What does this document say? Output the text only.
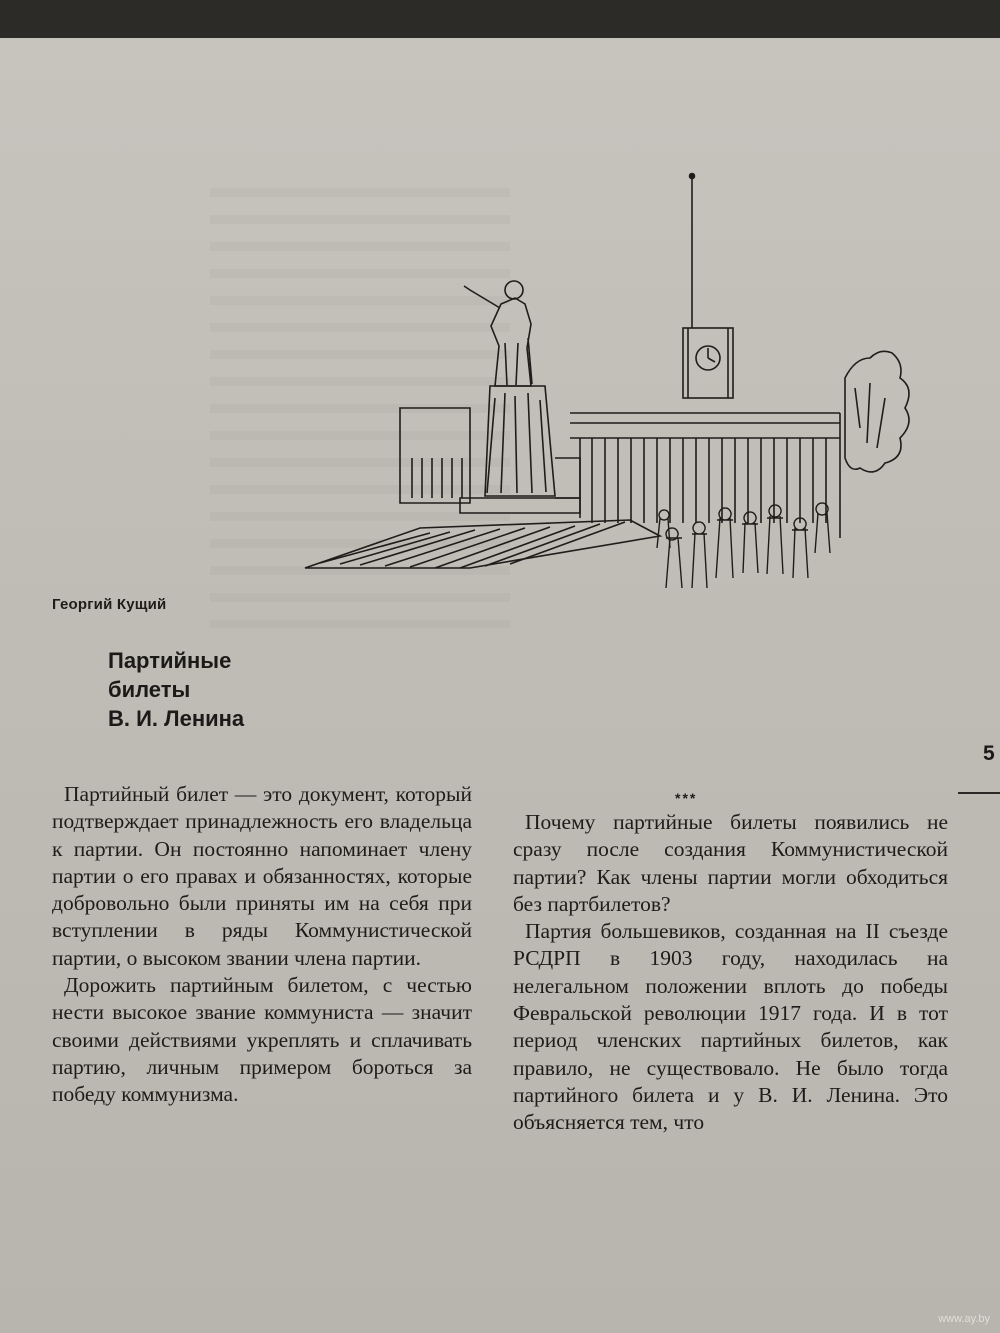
Георгий Кущий
Партийные
билеты
В. И. Ленина

Партийный билет — это документ, который подтверждает принадлежность его владельца к партии. Он постоянно напоминает члену партии о его правах и обязанностях, которые добровольно были приняты им на себя при вступлении в ряды Коммунистической партии, о высоком звании члена партии.

Дорожить партийным билетом, с честью нести высокое звание коммуниста — значит своими действиями укреплять и сплачивать партию, личным примером бороться за победу коммунизма.

***

Почему партийные билеты появились не сразу после создания Коммунистической партии? Как члены партии могли обходиться без партбилетов?

Партия большевиков, созданная на II съезде РСДРП в 1903 году, находилась на нелегальном положении вплоть до победы Февральской революции 1917 года. И в тот период членских партийных билетов, как правило, не существовало. Не было тогда партийного билета и у В. И. Ленина. Это объясняется тем, что

5
www.ay.by
